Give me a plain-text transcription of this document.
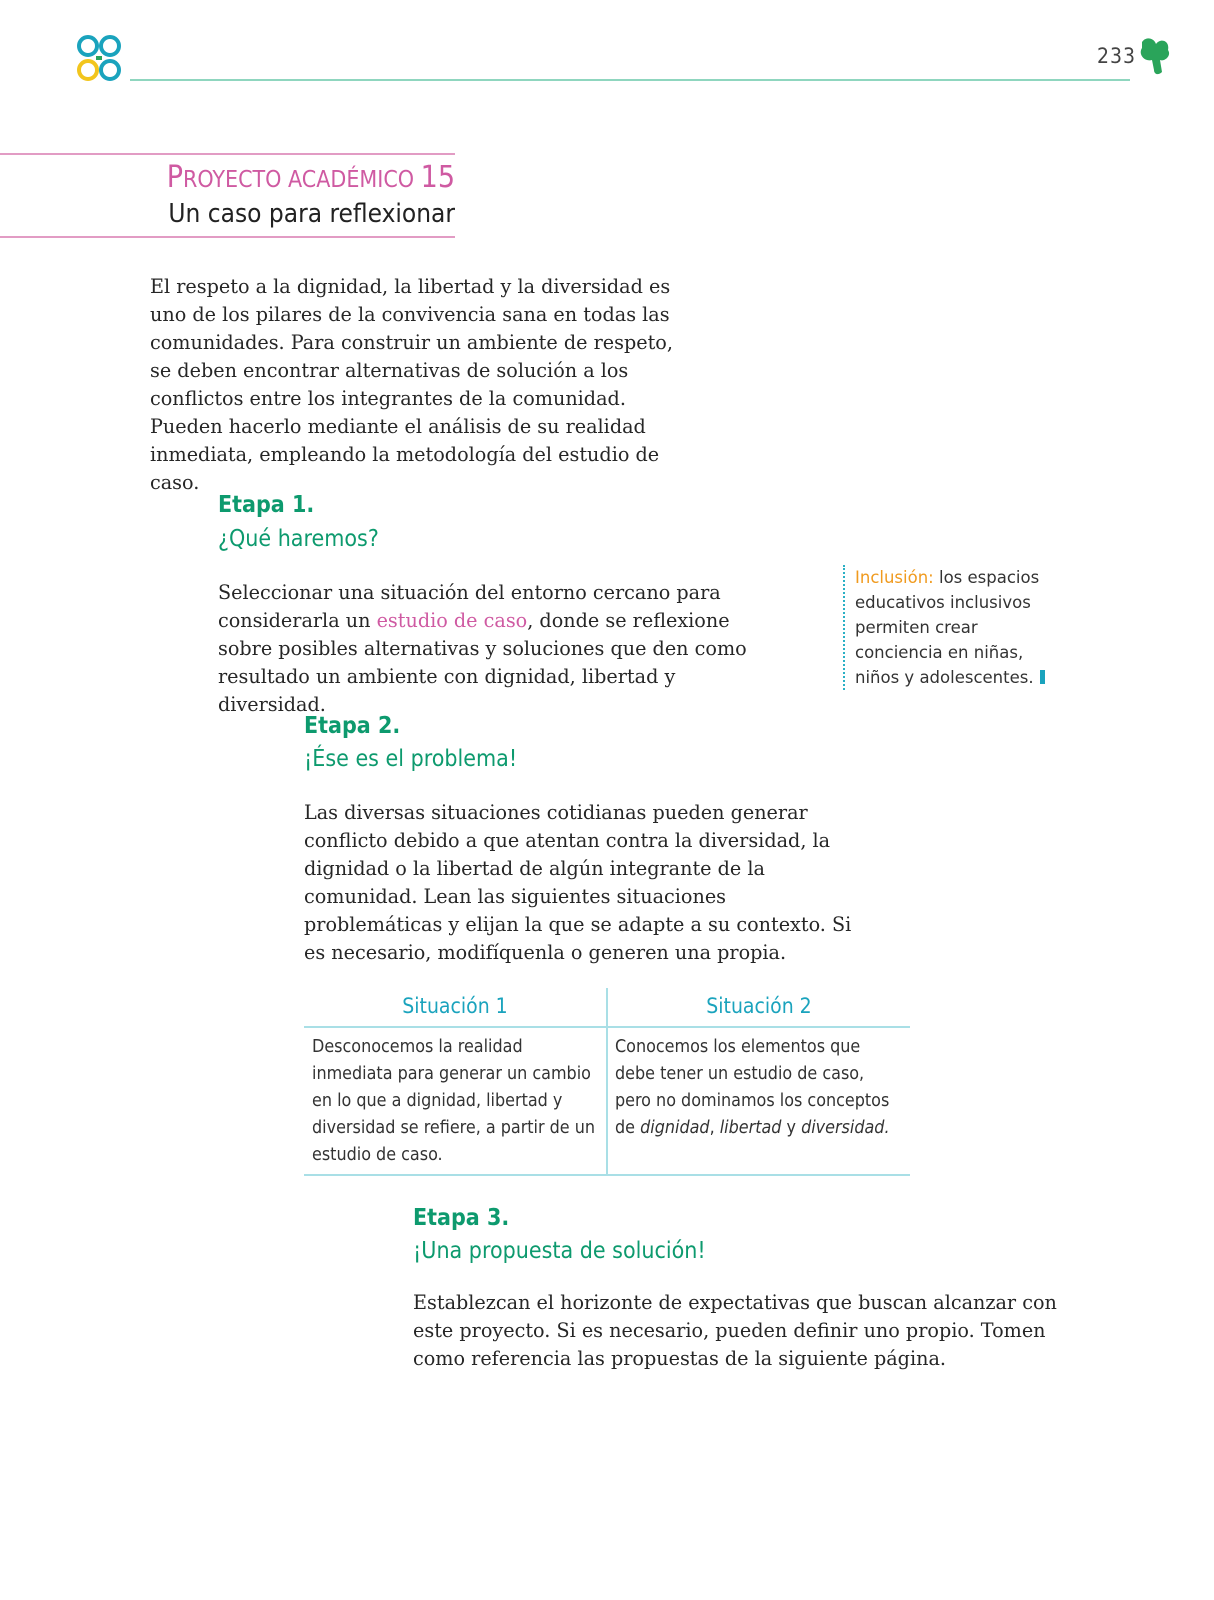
233
PROYECTO ACADÉMICO 15
Un caso para reflexionar

El respeto a la dignidad, la libertad y la diversidad es uno de los pilares de la convivencia sana en todas las comunidades. Para construir un ambiente de respeto, se deben encontrar alternativas de solución a los conflictos entre los integrantes de la comunidad. Pueden hacerlo mediante el análisis de su realidad inmediata, empleando la metodología del estudio de caso.

Etapa 1.
¿Qué haremos?

Seleccionar una situación del entorno cercano para considerarla un estudio de caso, donde se reflexione sobre posibles alternativas y soluciones que den como resultado un ambiente con dignidad, libertad y diversidad.

Inclusión: los espacios educativos inclusivos permiten crear conciencia en niñas, niños y adolescentes.
Etapa 2.
¡Ése es el problema!

Las diversas situaciones cotidianas pueden generar conflicto debido a que atentan contra la diversidad, la dignidad o la libertad de algún integrante de la comunidad. Lean las siguientes situaciones problemáticas y elijan la que se adapte a su contexto. Si es necesario, modifíquenla o generen una propia.

Situación 1	Situación 2
Desconocemos la realidad inmediata para generar un cambio en lo que a dignidad, libertad y diversidad se refiere, a partir de un estudio de caso.
Conocemos los elementos que debe tener un estudio de caso, pero no dominamos los conceptos de dignidad, libertad y diversidad.
Etapa 3.
¡Una propuesta de solución!

Establezcan el horizonte de expectativas que buscan alcanzar con este proyecto. Si es necesario, pueden definir uno propio. Tomen como referencia las propuestas de la siguiente página.
